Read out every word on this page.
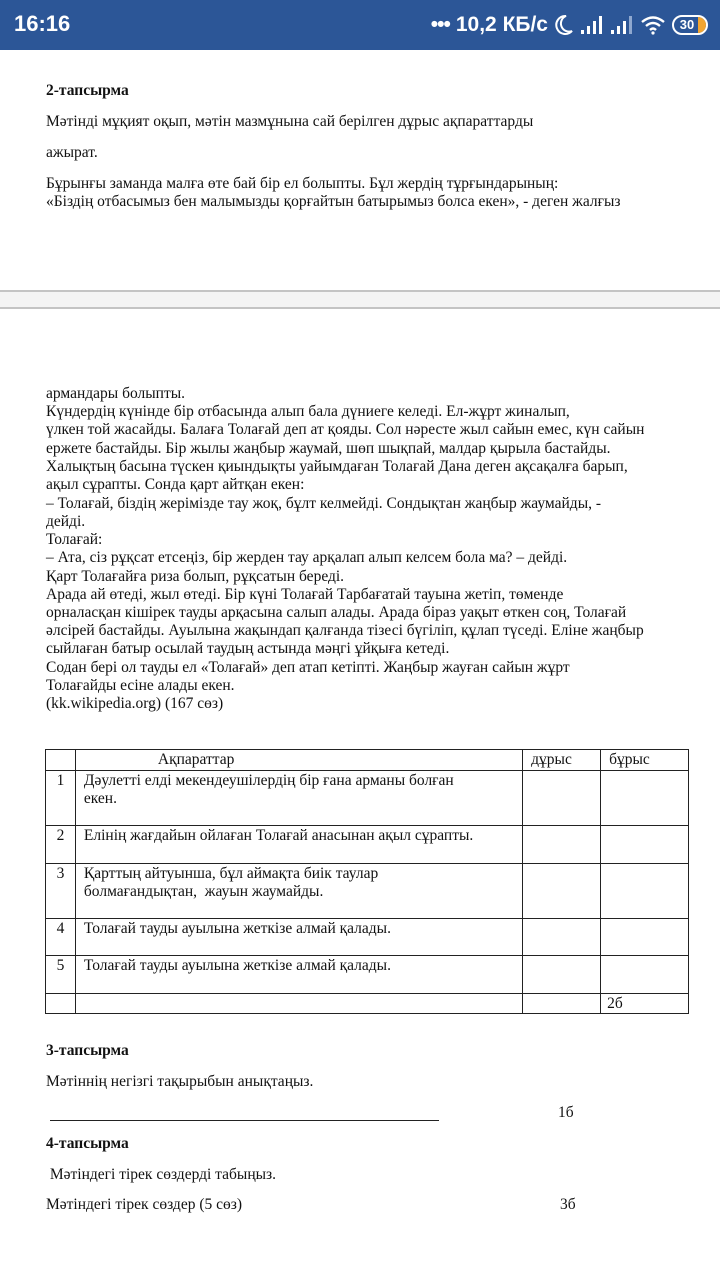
16:16	••• 10,2 КБ/с	30
2-тапсырма
Мәтінді мұқият оқып, мәтін мазмұнына сай берілген дұрыс ақпараттарды
ажырат.
Бұрынғы заманда малға өте бай бір ел болыпты. Бұл жердің тұрғындарының:
«Біздің отбасымыз бен малымызды қорғайтын батырымыз болса екен», - деген жалғыз
армандары болыпты.
Күндердің күнінде бір отбасында алып бала дүниеге келеді. Ел-жұрт жиналып,
үлкен той жасайды. Балаға Толағай деп ат қояды. Сол нәресте жыл сайын емес, күн сайын
ержете бастайды. Бір жылы жаңбыр жаумай, шөп шықпай, малдар қырыла бастайды.
Халықтың басына түскен қиындықты уайымдаған Толағай Дана деген ақсақалға барып,
ақыл сұрапты. Сонда қарт айтқан екен:
– Толағай, біздің жерімізде тау жоқ, бұлт келмейді. Сондықтан жаңбыр жаумайды, -
дейді.
Толағай:
– Ата, сіз рұқсат етсеңіз, бір жерден тау арқалап алып келсем бола ма? – дейді.
Қарт Толағайға риза болып, рұқсатын береді.
Арада ай өтеді, жыл өтеді. Бір күні Толағай Тарбағатай тауына жетіп, төменде
орналасқан кішірек тауды арқасына салып алады. Арада біраз уақыт өткен соң, Толағай
әлсірей бастайды. Ауылына жақындап қалғанда тізесі бүгіліп, құлап түседі. Еліне жаңбыр
сыйлаған батыр осылай таудың астында мәңгі ұйқыға кетеді.
Содан бері ол тауды ел «Толағай» деп атап кетіпті. Жаңбыр жауған сайын жұрт
Толағайды есіне алады екен.
(kk.wikipedia.org) (167 сөз)
	Ақпараттар	дұрыс	бұрыс
1	Дәулетті елді мекендеушілердің бір ғана арманы болған
екен.		

2	Елінің жағдайын ойлаған Толағай анасынан ақыл сұрапты.		

3	Қарттың айтуынша, бұл аймақта биік таулар
болмағандықтан,  жауын жаумайды.		

4	Толағай тауды ауылына жеткізе алмай қалады.		

5	Толағай тауды ауылына жеткізе алмай қалады.		

			2б
3-тапсырма
Мәтіннің негізгі тақырыбын анықтаңыз.
1б
4-тапсырма
Мәтіндегі тірек сөздерді табыңыз.
Мәтіндегі тірек сөздер (5 сөз)	3б
